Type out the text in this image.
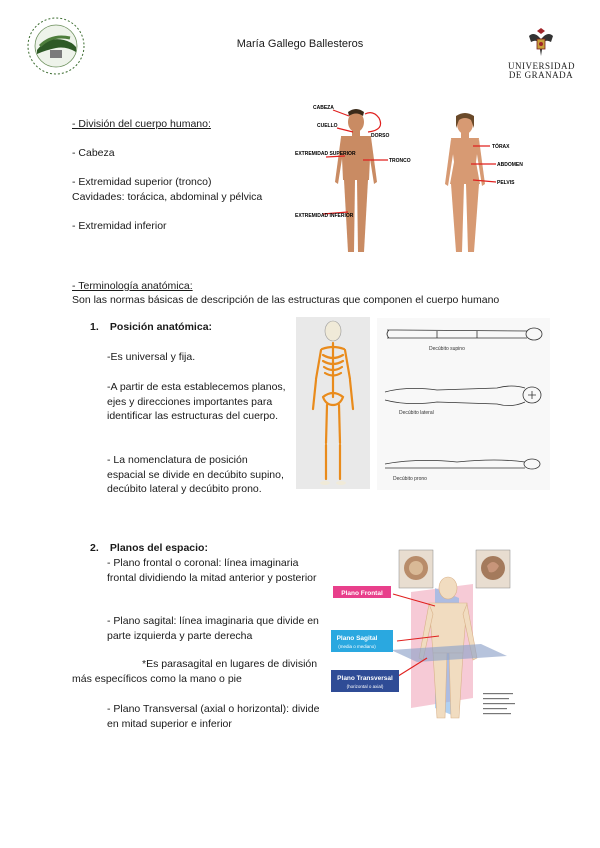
María Gallego Ballesteros
UNIVERSIDAD
DE GRANADA
- División del cuerpo humano:
- Cabeza
- Extremidad superior (tronco)
Cavidades: torácica, abdominal y pélvica
- Extremidad inferior
CABEZA
CUELLO
DORSO
EXTREMIDAD SUPERIOR
TRONCO
EXTREMIDAD INFERIOR
TÓRAX
ABDOMEN
PELVIS
- Terminología anatómica:
Son las normas básicas de descripción de las estructuras que componen el cuerpo humano
1. Posición anatómica:
-Es universal y fija.
-A partir de esta establecemos planos, ejes y direcciones importantes para identificar las estructuras del cuerpo.
- La nomenclatura de posición espacial se divide en decúbito supino, decúbito lateral y decúbito prono.
Decúbito supino
Decúbito lateral
Decúbito prono
2. Planos del espacio:
- Plano frontal o coronal: línea imaginaria frontal dividiendo la mitad anterior y posterior
- Plano sagital: línea imaginaria que divide en parte izquierda y parte derecha
*Es parasagital en lugares de división más específicos como la mano o pie
- Plano Transversal (axial o horizontal): divide en mitad superior e inferior
Plano Frontal
Plano Sagital
(media o mediano)
Plano Transversal
(horizontal o axial)
